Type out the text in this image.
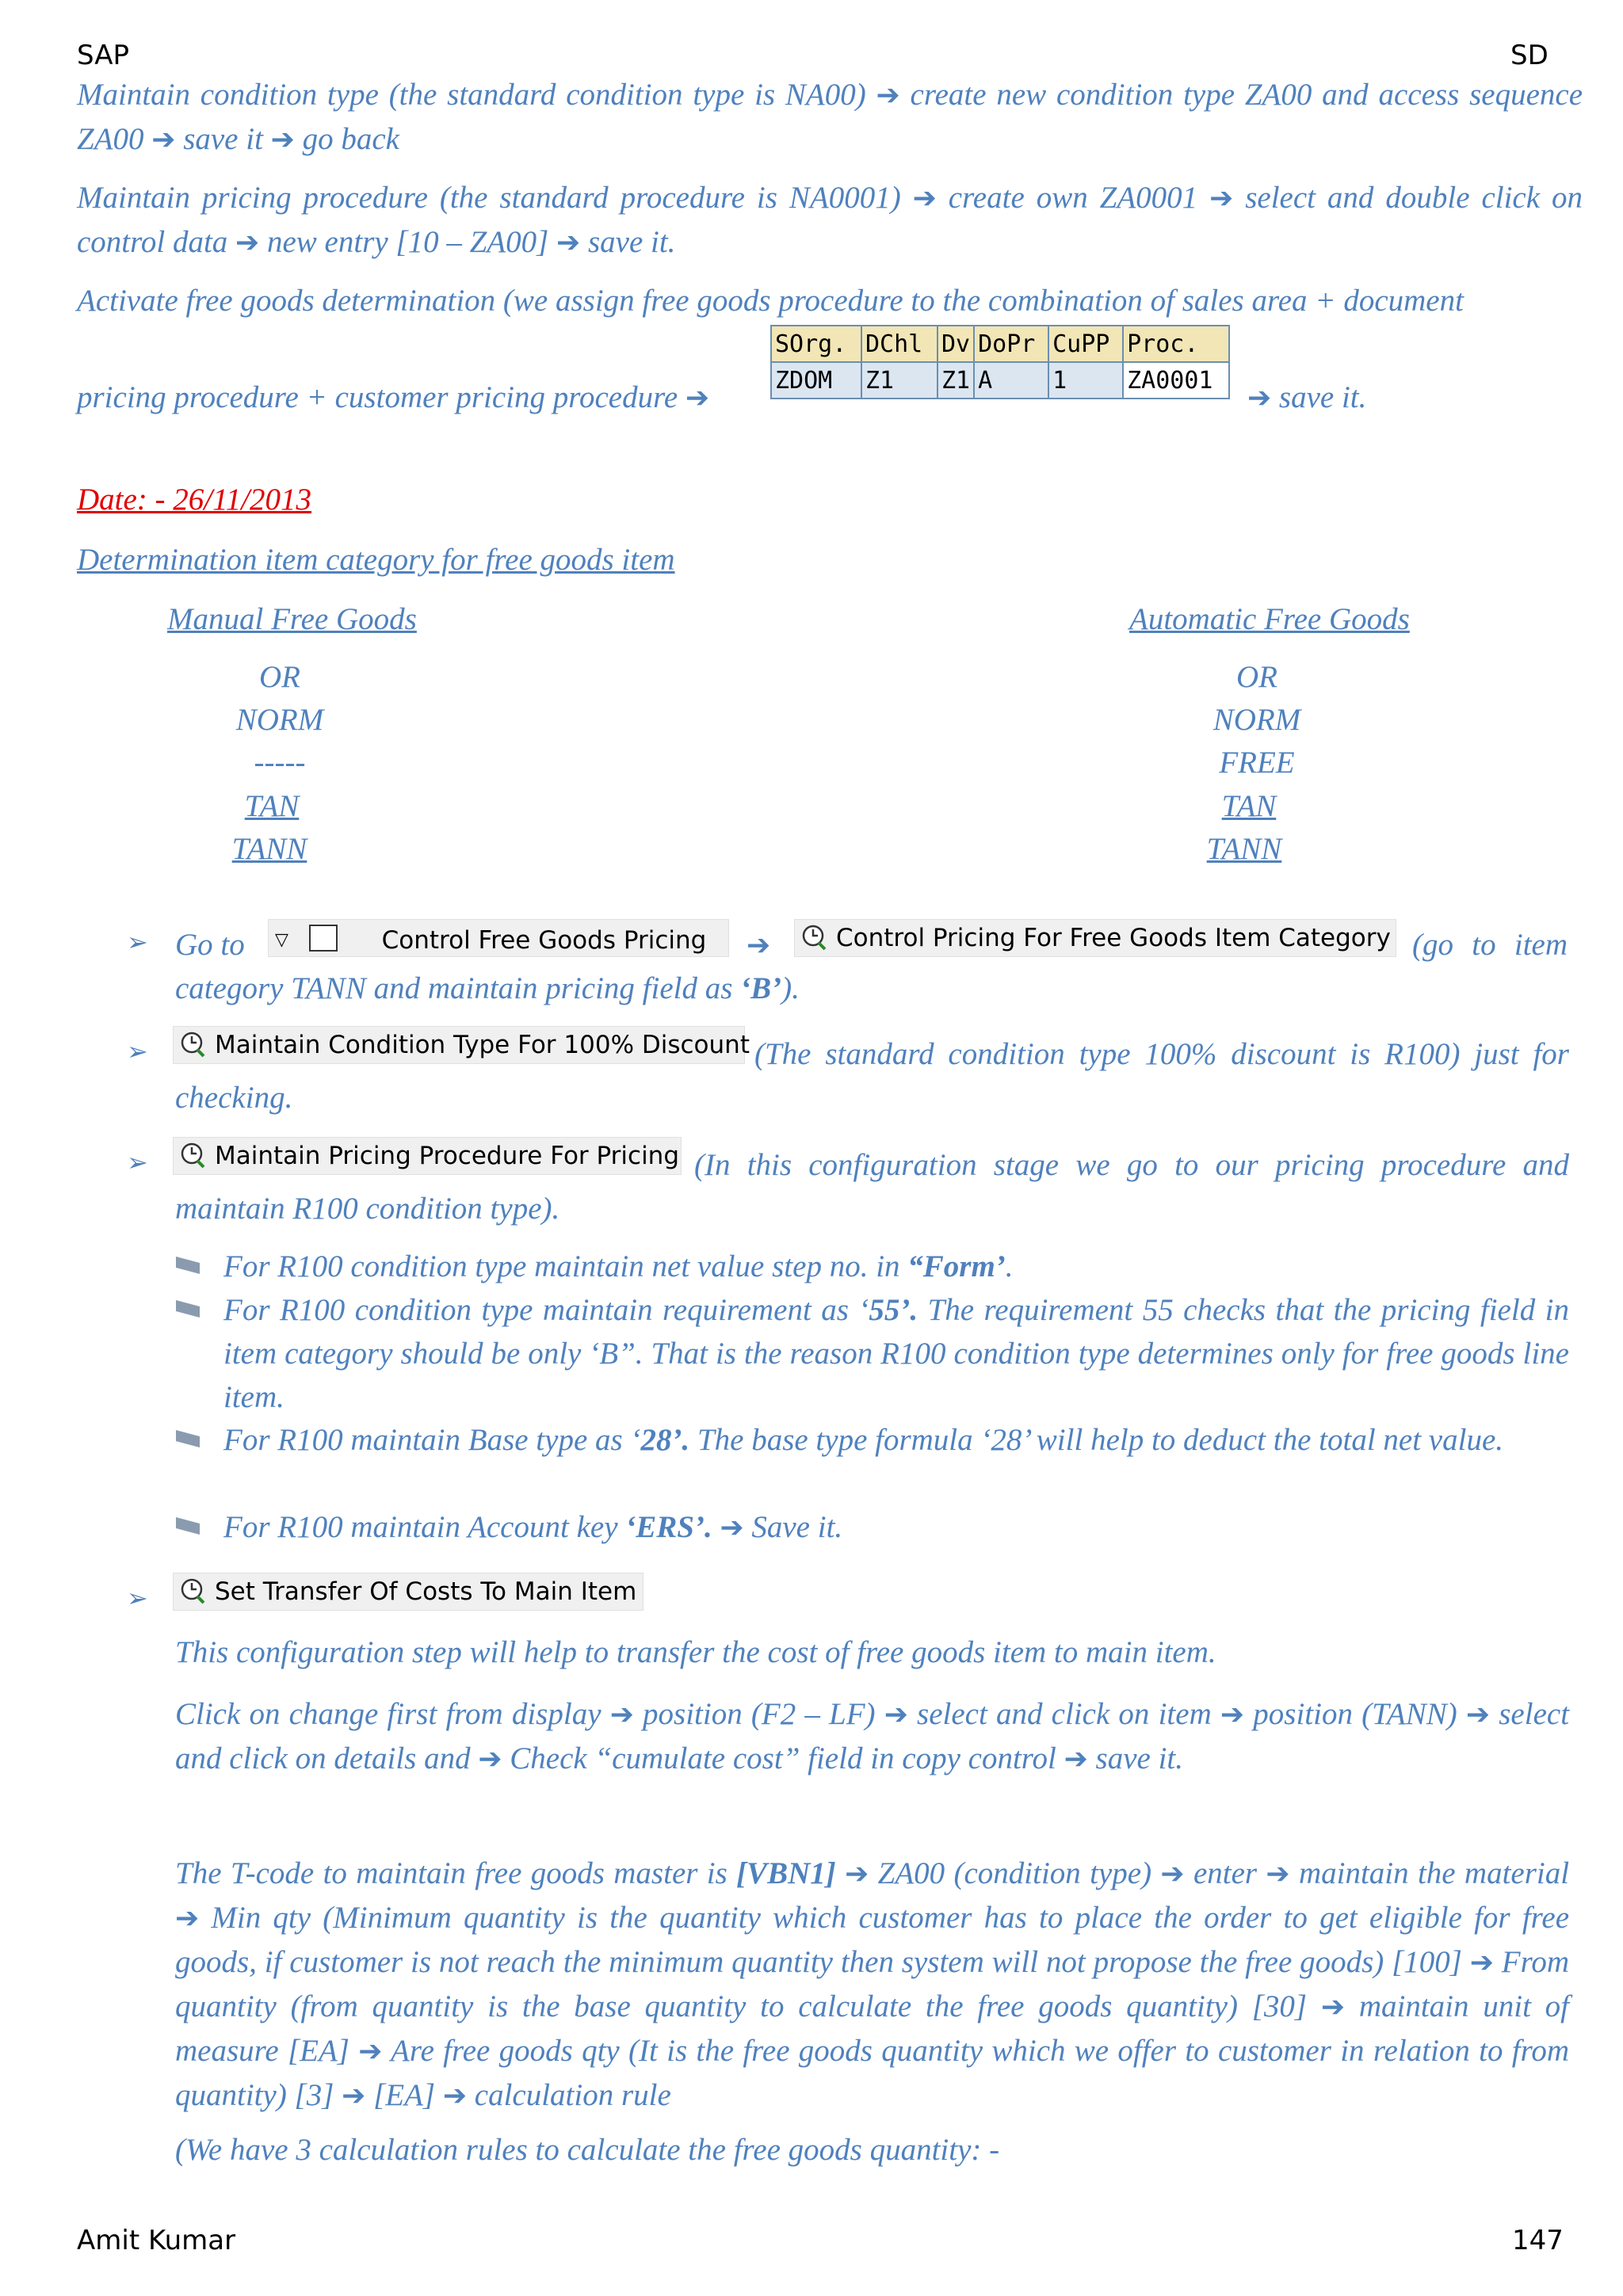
SAP	SD
Maintain condition type (the standard condition type is NA00) ➔ create new condition type ZA00 and access sequence ZA00 ➔ save it ➔ go back
Maintain pricing procedure (the standard procedure is NA0001) ➔ create own ZA0001 ➔ select and double click on control data ➔ new entry [10 – ZA00] ➔ save it.
Activate free goods determination (we assign free goods procedure to the combination of sales area + document
pricing procedure + customer pricing procedure ➔
SOrg.	DChl	Dv	DoPr	CuPP	Proc.
ZDOM	Z1	Z1	A	1	ZA0001
➔ save it.
Date: - 26/11/2013
Determination item category for free goods item
Manual Free Goods	Automatic Free Goods
OR
NORM
-----
TAN
TANN
OR
NORM
FREE
TAN
TANN
➢ Go to	▽	Control Free Goods Pricing	➔	Control Pricing For Free Goods Item Category (go to item
category TANN and maintain pricing field as ‘B’).
➢	Maintain Condition Type For 100% Discount (The standard condition type 100% discount is R100) just for checking.
➢	Maintain Pricing Procedure For Pricing (In this configuration stage we go to our pricing procedure and maintain R100 condition type).
For R100 condition type maintain net value step no. in “Form’.
For R100 condition type maintain requirement as ‘55’. The requirement 55 checks that the pricing field in item category should be only ‘B”. That is the reason R100 condition type determines only for free goods line item.
For R100 maintain Base type as ‘28’. The base type formula ‘28’ will help to deduct the total net value.
For R100 maintain Account key ‘ERS’. ➔ Save it.
➢	Set Transfer Of Costs To Main Item
This configuration step will help to transfer the cost of free goods item to main item.
Click on change first from display ➔ position (F2 – LF) ➔ select and click on item ➔ position (TANN) ➔ select and click on details and ➔ Check “cumulate cost” field in copy control ➔ save it.
The T-code to maintain free goods master is [VBN1] ➔ ZA00 (condition type) ➔ enter ➔ maintain the material ➔ Min qty (Minimum quantity is the quantity which customer has to place the order to get eligible for free goods, if customer is not reach the minimum quantity then system will not propose the free goods) [100] ➔ From quantity (from quantity is the base quantity to calculate the free goods quantity) [30] ➔ maintain unit of measure [EA] ➔ Are free goods qty (It is the free goods quantity which we offer to customer in relation to from quantity) [3] ➔ [EA] ➔ calculation rule
(We have 3 calculation rules to calculate the free goods quantity: -
Amit Kumar	147
